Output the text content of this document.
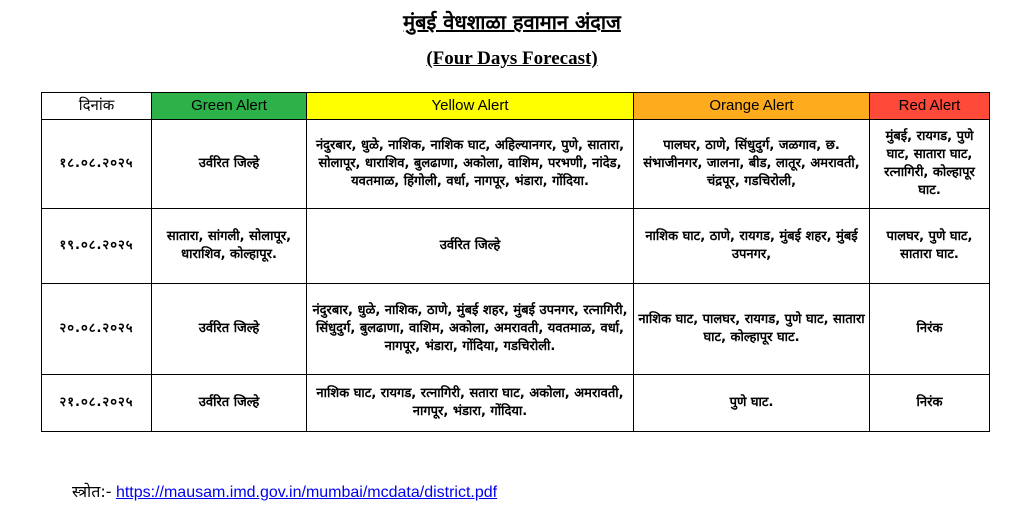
मुंबई वेधशाळा हवामान अंदाज
(Four Days Forecast)
दिनांक	Green Alert	Yellow Alert	Orange Alert	Red Alert
१८.०८.२०२५	उर्वरित जिल्हे	नंदुरबार, धुळे, नाशिक, नाशिक घाट, अहिल्यानगर, पुणे, सातारा, सोलापूर, धाराशिव, बुलढाणा, अकोला, वाशिम, परभणी, नांदेड, यवतमाळ, हिंगोली, वर्धा, नागपूर, भंडारा, गोंदिया.	पालघर, ठाणे, सिंधुदुर्ग, जळगाव, छ. संभाजीनगर, जालना, बीड, लातूर, अमरावती, चंद्रपूर, गडचिरोली,	मुंबई, रायगड, पुणे घाट, सातारा घाट, रत्नागिरी, कोल्हापूर घाट.
१९.०८.२०२५	सातारा, सांगली, सोलापूर, धाराशिव, कोल्हापूर.	उर्वरित जिल्हे	नाशिक घाट, ठाणे, रायगड, मुंबई शहर, मुंबई उपनगर,	पालघर, पुणे घाट, सातारा घाट.
२०.०८.२०२५	उर्वरित जिल्हे	नंदुरबार, धुळे, नाशिक, ठाणे, मुंबई शहर, मुंबई उपनगर, रत्नागिरी, सिंधुदुर्ग, बुलढाणा, वाशिम, अकोला, अमरावती, यवतमाळ, वर्धा, नागपूर, भंडारा, गोंदिया, गडचिरोली.	नाशिक घाट, पालघर, रायगड, पुणे घाट, सातारा घाट, कोल्हापूर घाट.	निरंक
२१.०८.२०२५	उर्वरित जिल्हे	नाशिक घाट, रायगड, रत्नागिरी, सतारा घाट, अकोला, अमरावती, नागपूर, भंडारा, गोंदिया.	पुणे घाट.	निरंक
स्त्रोत:- https://mausam.imd.gov.in/mumbai/mcdata/district.pdf
